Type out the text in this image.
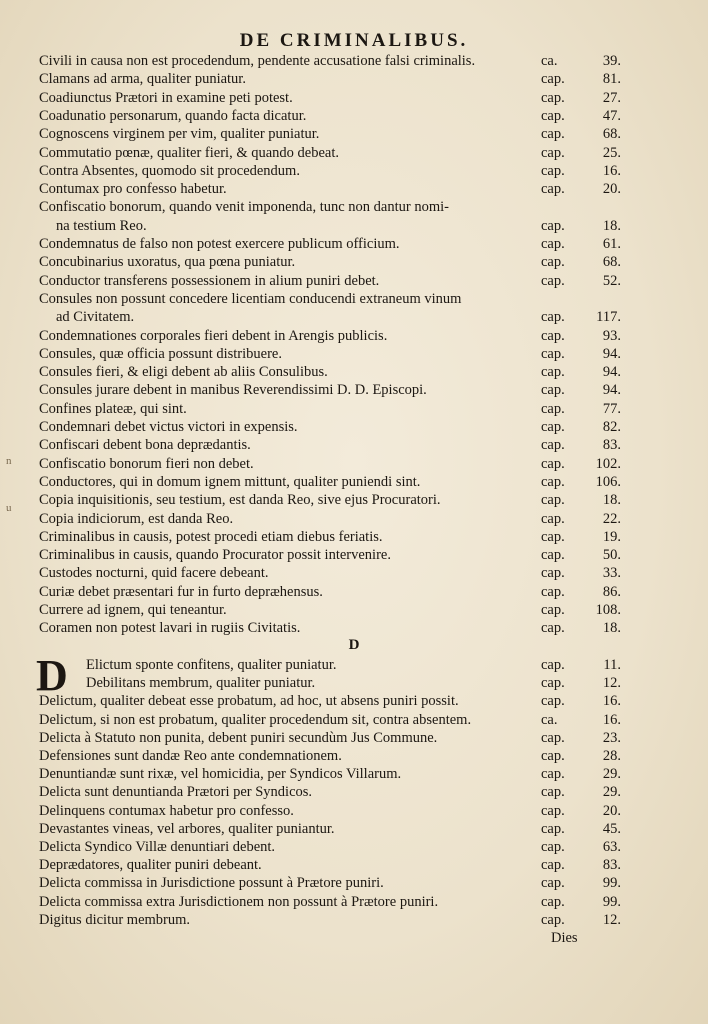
DE CRIMINALIBUS.
n
u
Civili in causa non est procedendum, pendente accusatione falsi criminalis.	ca.	39.
Clamans ad arma, qualiter puniatur.	cap.	81.
Coadiunctus Prætori in examine peti potest.	cap.	27.
Coadunatio personarum, quando facta dicatur.	cap.	47.
Cognoscens virginem per vim, qualiter puniatur.	cap.	68.
Commutatio pœnæ, qualiter fieri, & quando debeat.	cap.	25.
Contra Absentes, quomodo sit procedendum.	cap.	16.
Contumax pro confesso habetur.	cap.	20.
Confiscatio bonorum, quando venit imponenda, tunc non dantur nomi-
na testium Reo.	cap.	18.
Condemnatus de falso non potest exercere publicum officium.	cap.	61.
Concubinarius uxoratus, qua pœna puniatur.	cap.	68.
Conductor transferens possessionem in alium puniri debet.	cap.	52.
Consules non possunt concedere licentiam conducendi extraneum vinum
ad Civitatem.	cap.	117.
Condemnationes corporales fieri debent in Arengis publicis.	cap.	93.
Consules, quæ officia possunt distribuere.	cap.	94.
Consules fieri, & eligi debent ab aliis Consulibus.	cap.	94.
Consules jurare debent in manibus Reverendissimi D. D. Episcopi.	cap.	94.
Confines plateæ, qui sint.	cap.	77.
Condemnari debet victus victori in expensis.	cap.	82.
Confiscari debent bona deprædantis.	cap.	83.
Confiscatio bonorum fieri non debet.	cap.	102.
Conductores, qui in domum ignem mittunt, qualiter puniendi sint.	cap.	106.
Copia inquisitionis, seu testium, est danda Reo, sive ejus Procuratori.	cap.	18.
Copia indiciorum, est danda Reo.	cap.	22.
Criminalibus in causis, potest procedi etiam diebus feriatis.	cap.	19.
Criminalibus in causis, quando Procurator possit intervenire.	cap.	50.
Custodes nocturni, quid facere debeant.	cap.	33.
Curiæ debet præsentari fur in furto depræhensus.	cap.	86.
Currere ad ignem, qui teneantur.	cap.	108.
Coramen non potest lavari in rugiis Civitatis.	cap.	18.
D
D Elictum sponte confitens, qualiter puniatur.	cap.	11.
Debilitans membrum, qualiter puniatur.	cap.	12.
Delictum, qualiter debeat esse probatum, ad hoc, ut absens puniri possit.	cap.	16.
Delictum, si non est probatum, qualiter procedendum sit, contra absentem.	ca.	16.
Delicta à Statuto non punita, debent puniri secundùm Jus Commune.	cap.	23.
Defensiones sunt dandæ Reo ante condemnationem.	cap.	28.
Denuntiandæ sunt rixæ, vel homicidia, per Syndicos Villarum.	cap.	29.
Delicta sunt denuntianda Prætori per Syndicos.	cap.	29.
Delinquens contumax habetur pro confesso.	cap.	20.
Devastantes vineas, vel arbores, qualiter puniantur.	cap.	45.
Delicta Syndico Villæ denuntiari debent.	cap.	63.
Deprædatores, qualiter puniri debeant.	cap.	83.
Delicta commissa in Jurisdictione possunt à Prætore puniri.	cap.	99.
Delicta commissa extra Jurisdictionem non possunt à Prætore puniri.	cap.	99.
Digitus dicitur membrum.	cap.	12.
Dies
